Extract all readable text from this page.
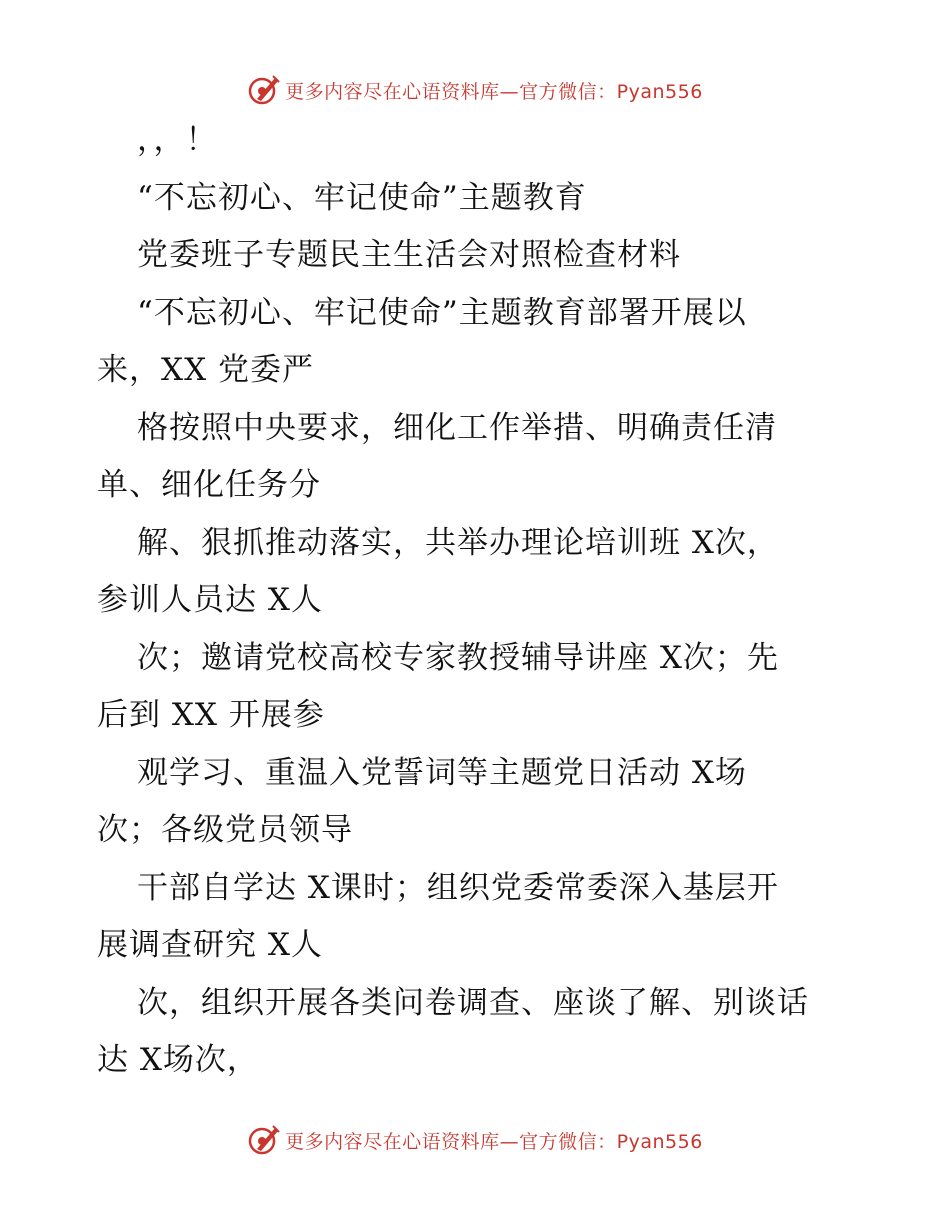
更多内容尽在心语资料库—官方微信：Pyan556
，，！
“不忘初心、牢记使命”主题教育
党委班子专题民主生活会对照检查材料
“不忘初心、牢记使命”主题教育部署开展以
来，XX 党委严
格按照中央要求，细化工作举措、明确责任清
单、细化任务分
解、狠抓推动落实，共举办理论培训班 X次，
参训人员达 X人
次；邀请党校高校专家教授辅导讲座 X次；先
后到 XX 开展参
观学习、重温入党誓词等主题党日活动 X场
次；各级党员领导
干部自学达 X课时；组织党委常委深入基层开
展调查研究 X人
次，组织开展各类问卷调查、座谈了解、别谈话
达 X场次，
更多内容尽在心语资料库—官方微信：Pyan556
